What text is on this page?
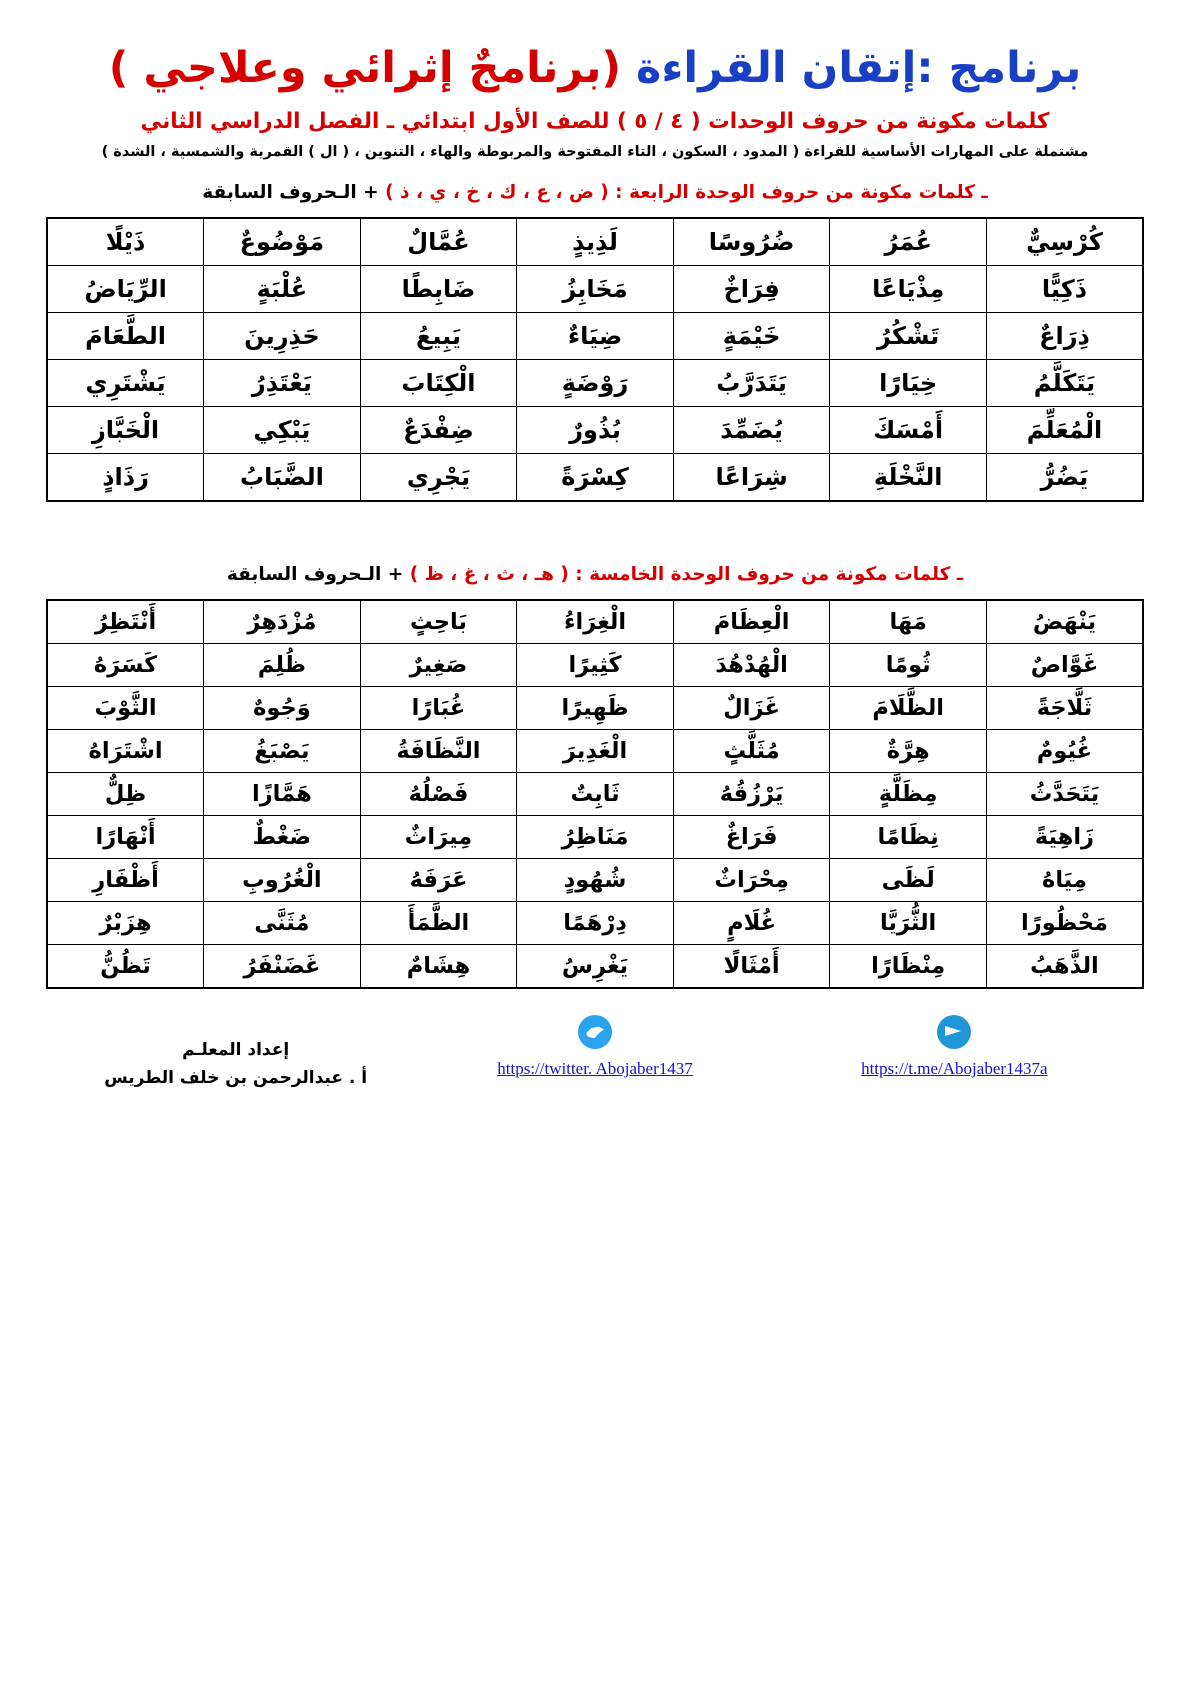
برنامج :إتقان القراءة (برنامجٌ إثرائي وعلاجي )
كلمات مكونة من حروف الوحدات ( ٤ / ٥ ) للصف الأول ابتدائي ـ الفصل الدراسي الثاني
مشتملة على المهارات الأساسية للقراءة ( المدود ، السكون ، التاء المفتوحة والمربوطة والهاء ، التنوين ، ( ال ) القمرية والشمسية ، الشدة )
ـ كلمات مكونة من حروف الوحدة الرابعة : ( ض ، ع ، ك ، خ ، ي ، ذ ) + الـحروف السابقة
كُرْسِيٌّ	عُمَرُ	ضُرُوسًا	لَذِيذٍ	عُمَّالٌ	مَوْضُوعٌ	ذَيْلًا
ذَكِيًّا	مِذْيَاعًا	فِرَاخٌ	مَخَابِزُ	ضَابِطًا	عُلْبَةٍ	الرِّيَاضُ
ذِرَاعٌ	تَشْكُرُ	خَيْمَةٍ	ضِيَاءٌ	يَبِيعُ	حَذِرِينَ	الطَّعَامَ
يَتَكَلَّمُ	خِيَارًا	يَتَدَرَّبُ	رَوْضَةٍ	الْكِتَابَ	يَعْتَذِرُ	يَشْتَرِي
الْمُعَلِّمَ	أَمْسَكَ	يُضَمِّدَ	بُذُورٌ	ضِفْدَعٌ	يَبْكِي	الْخَبَّازِ
يَضُرُّ	النَّخْلَةِ	شِرَاعًا	كِسْرَةً	يَجْرِي	الضَّبَابُ	رَذَاذٍ
ـ كلمات مكونة من حروف الوحدة الخامسة : ( هـ ، ث ، غ ، ظ ) + الـحروف السابقة
يَنْهَضُ	مَهَا	الْعِظَامَ	الْغِرَاءُ	بَاحِثٍ	مُزْدَهِرٌ	أَنْتَظِرُ
غَوَّاصٌ	ثُومًا	الْهُدْهُدَ	كَثِيرًا	صَغِيرٌ	ظُلِمَ	كَسَرَهُ
ثَلَّاجَةً	الظَّلَامَ	غَزَالٌ	ظَهِيرًا	غُبَارًا	وَجُوهٌ	الثَّوْبَ
غُيُومٌ	هِرَّةٌ	مُثَلَّثٍ	الْغَدِيرَ	النَّظَافَةُ	يَصْبَغُ	اشْتَرَاهُ
يَتَحَدَّثُ	مِظَلَّةٍ	يَرْزُقُهُ	ثَابِتٌ	فَصْلُهُ	هَمَّازًا	ظِلٌّ
زَاهِيَةً	نِظَامًا	فَرَاغٌ	مَنَاظِرُ	مِيرَاثٌ	ضَغْطٌ	أَنْهَارًا
مِيَاهُ	لَظَى	مِحْرَاثٌ	شُهُودٍ	عَرَفَهُ	الْغُرُوبِ	أَظْفَارِ
مَحْظُورًا	الثُّرَيَّا	غُلَامٍ	دِرْهَمًا	الظَّمَأَ	مُثَنَّى	هِزَبْرٌ
الذَّهَبُ	مِنْظَارًا	أَمْثَالًا	يَغْرِسُ	هِشَامٌ	غَضَنْفَرُ	تَظُنُّ
إعداد المعلـم
أ . عبدالرحمن بن خلف الطريس	https://twitter. Abojaber1437	https://t.me/Abojaber1437a
